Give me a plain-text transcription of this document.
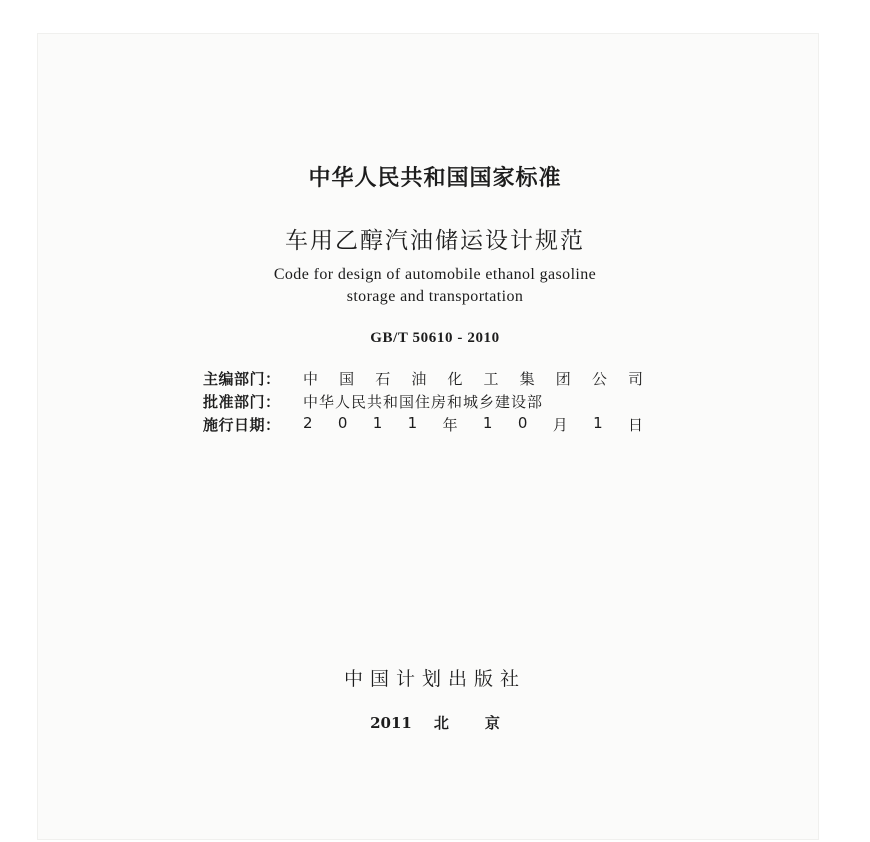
中华人民共和国国家标准
车用乙醇汽油储运设计规范
Code for design of automobile ethanol gasoline
storage and transportation
GB/T 50610 - 2010
主编部门：	中 国 石 油 化 工 集 团 公 司
批准部门：	中华人民共和国住房和城乡建设部
施行日期：	2 0 1 1 年 1 0 月 1 日
中国计划出版社
2011 北 京
